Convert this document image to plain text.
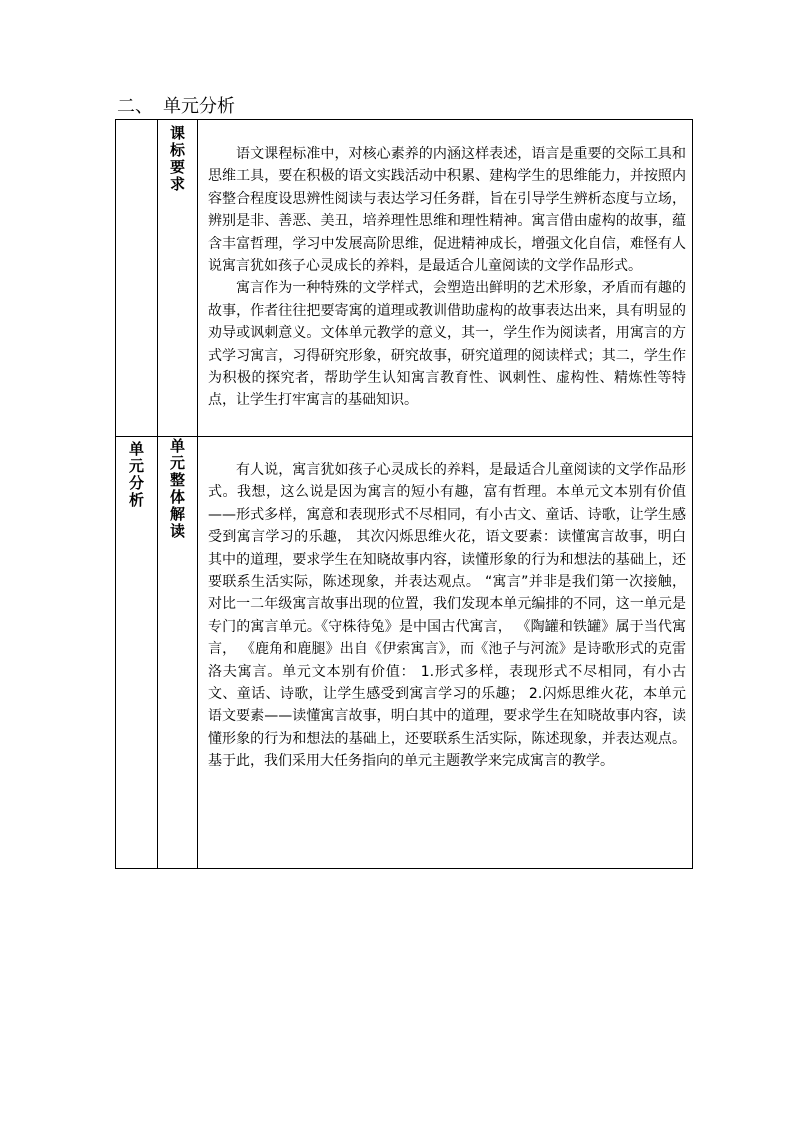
二、 单元分析

	课标要求	语文课程标准中，对核心素养的内涵这样表述，语言是重要的交际工具和思维工具，要在积极的语文实践活动中积累、建构学生的思维能力，并按照内容整合程度设思辨性阅读与表达学习任务群，旨在引导学生辨析态度与立场，辨别是非、善恶、美丑，培养理性思维和理性精神。寓言借由虚构的故事，蕴含丰富哲理，学习中发展高阶思维，促进精神成长，增强文化自信，难怪有人说寓言犹如孩子心灵成长的养料，是最适合儿童阅读的文学作品形式。

寓言作为一种特殊的文学样式，会塑造出鲜明的艺术形象，矛盾而有趣的故事，作者往往把要寄寓的道理或教训借助虚构的故事表达出来，具有明显的劝导或讽刺意义。文体单元教学的意义，其一，学生作为阅读者，用寓言的方式学习寓言，习得研究形象，研究故事，研究道理的阅读样式；其二，学生作为积极的探究者，帮助学生认知寓言教育性、讽刺性、虚构性、精炼性等特点，让学生打牢寓言的基础知识。

单元分析	单元整体解读	有人说，寓言犹如孩子心灵成长的养料，是最适合儿童阅读的文学作品形式。我想，这么说是因为寓言的短小有趣，富有哲理。本单元文本别有价值——形式多样，寓意和表现形式不尽相同，有小古文、童话、诗歌，让学生感受到寓言学习的乐趣， 其次闪烁思维火花，语文要素：读懂寓言故事，明白其中的道理，要求学生在知晓故事内容，读懂形象的行为和想法的基础上，还要联系生活实际，陈述现象，并表达观点。 “寓言”并非是我们第一次接触，对比一二年级寓言故事出现的位置，我们发现本单元编排的不同，这一单元是专门的寓言单元。《守株待兔》是中国古代寓言， 《陶罐和铁罐》属于当代寓言， 《鹿角和鹿腿》出自《伊索寓言》，而《池子与河流》是诗歌形式的克雷洛夫寓言。单元文本别有价值： 1.形式多样，表现形式不尽相同，有小古文、童话、诗歌，让学生感受到寓言学习的乐趣； 2.闪烁思维火花，本单元语文要素——读懂寓言故事，明白其中的道理，要求学生在知晓故事内容，读懂形象的行为和想法的基础上，还要联系生活实际，陈述现象，并表达观点。 基于此，我们采用大任务指向的单元主题教学来完成寓言的教学。
